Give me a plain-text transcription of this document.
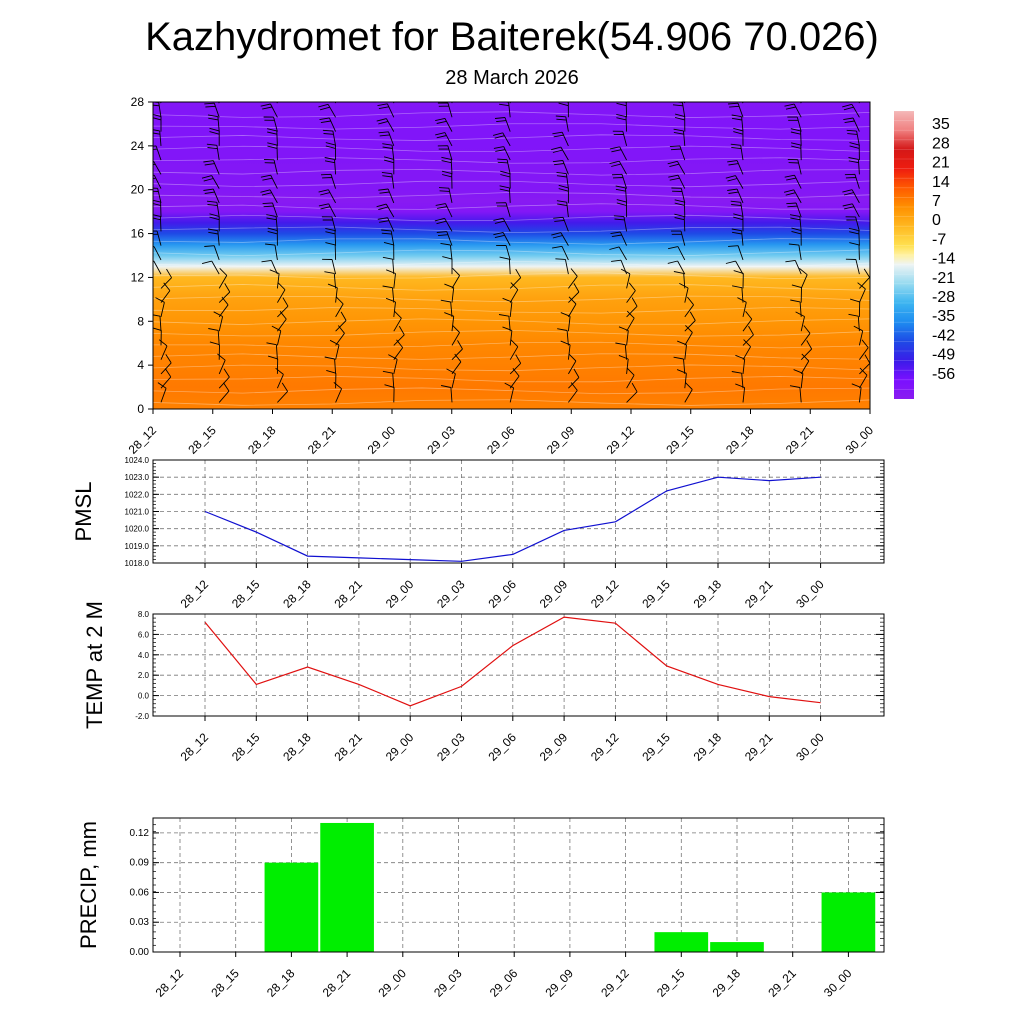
Kazhydromet for Baiterek(54.906 70.026)
28 March 2026
0
4
8
12
16
20
24
28
28_12 28_15 28_18 28_21 29_00 29_03 29_06 29_09 29_12 29_15 29_18 29_21 30_00
35
28
21
14
7
0
-7
-14
-21
-28
-35
-42
-49
-56
1018.0
1019.0
1020.0
1021.0
1022.0
1023.0
1024.0
28_12 28_15 28_18 28_21 29_00 29_03 29_06 29_09 29_12 29_15 29_18 29_21 30_00
PMSL
-2.0
0.0
2.0
4.0
6.0
8.0
28_12 28_15 28_18 28_21 29_00 29_03 29_06 29_09 29_12 29_15 29_18 29_21 30_00
TEMP at 2 M
0.00
0.03
0.06
0.09
0.12
28_12 28_15 28_18 28_21 29_00 29_03 29_06 29_09 29_12 29_15 29_18 29_21 30_00
PRECIP, mm
